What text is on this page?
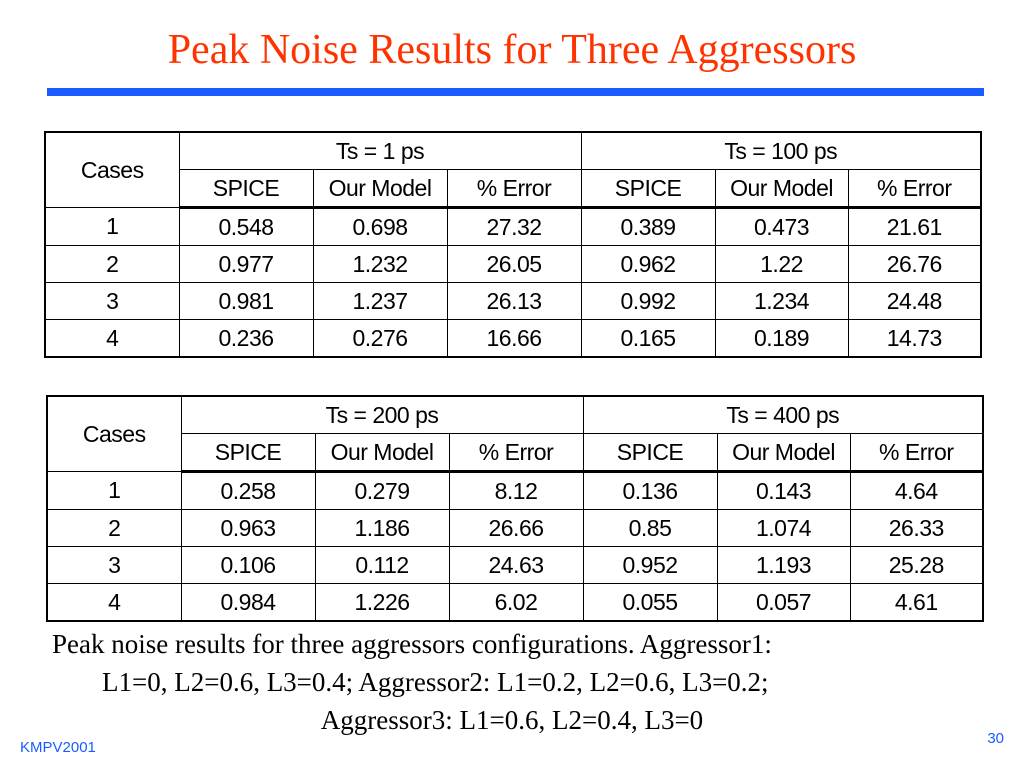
Peak Noise Results for Three Aggressors
Cases	Ts = 1 ps			Ts = 100 ps		
	SPICE	Our Model	% Error	SPICE	Our Model	% Error
1	0.548	0.698	27.32	0.389	0.473	21.61
2	0.977	1.232	26.05	0.962	1.22	26.76
3	0.981	1.237	26.13	0.992	1.234	24.48
4	0.236	0.276	16.66	0.165	0.189	14.73
Cases	Ts = 200 ps			Ts = 400 ps		
	SPICE	Our Model	% Error	SPICE	Our Model	% Error
1	0.258	0.279	8.12	0.136	0.143	4.64
2	0.963	1.186	26.66	0.85	1.074	26.33
3	0.106	0.112	24.63	0.952	1.193	25.28
4	0.984	1.226	6.02	0.055	0.057	4.61
Peak noise results for three aggressors configurations. Aggressor1:
L1=0, L2=0.6, L3=0.4; Aggressor2: L1=0.2, L2=0.6, L3=0.2;
Aggressor3: L1=0.6, L2=0.4, L3=0
KMPV2001
30
